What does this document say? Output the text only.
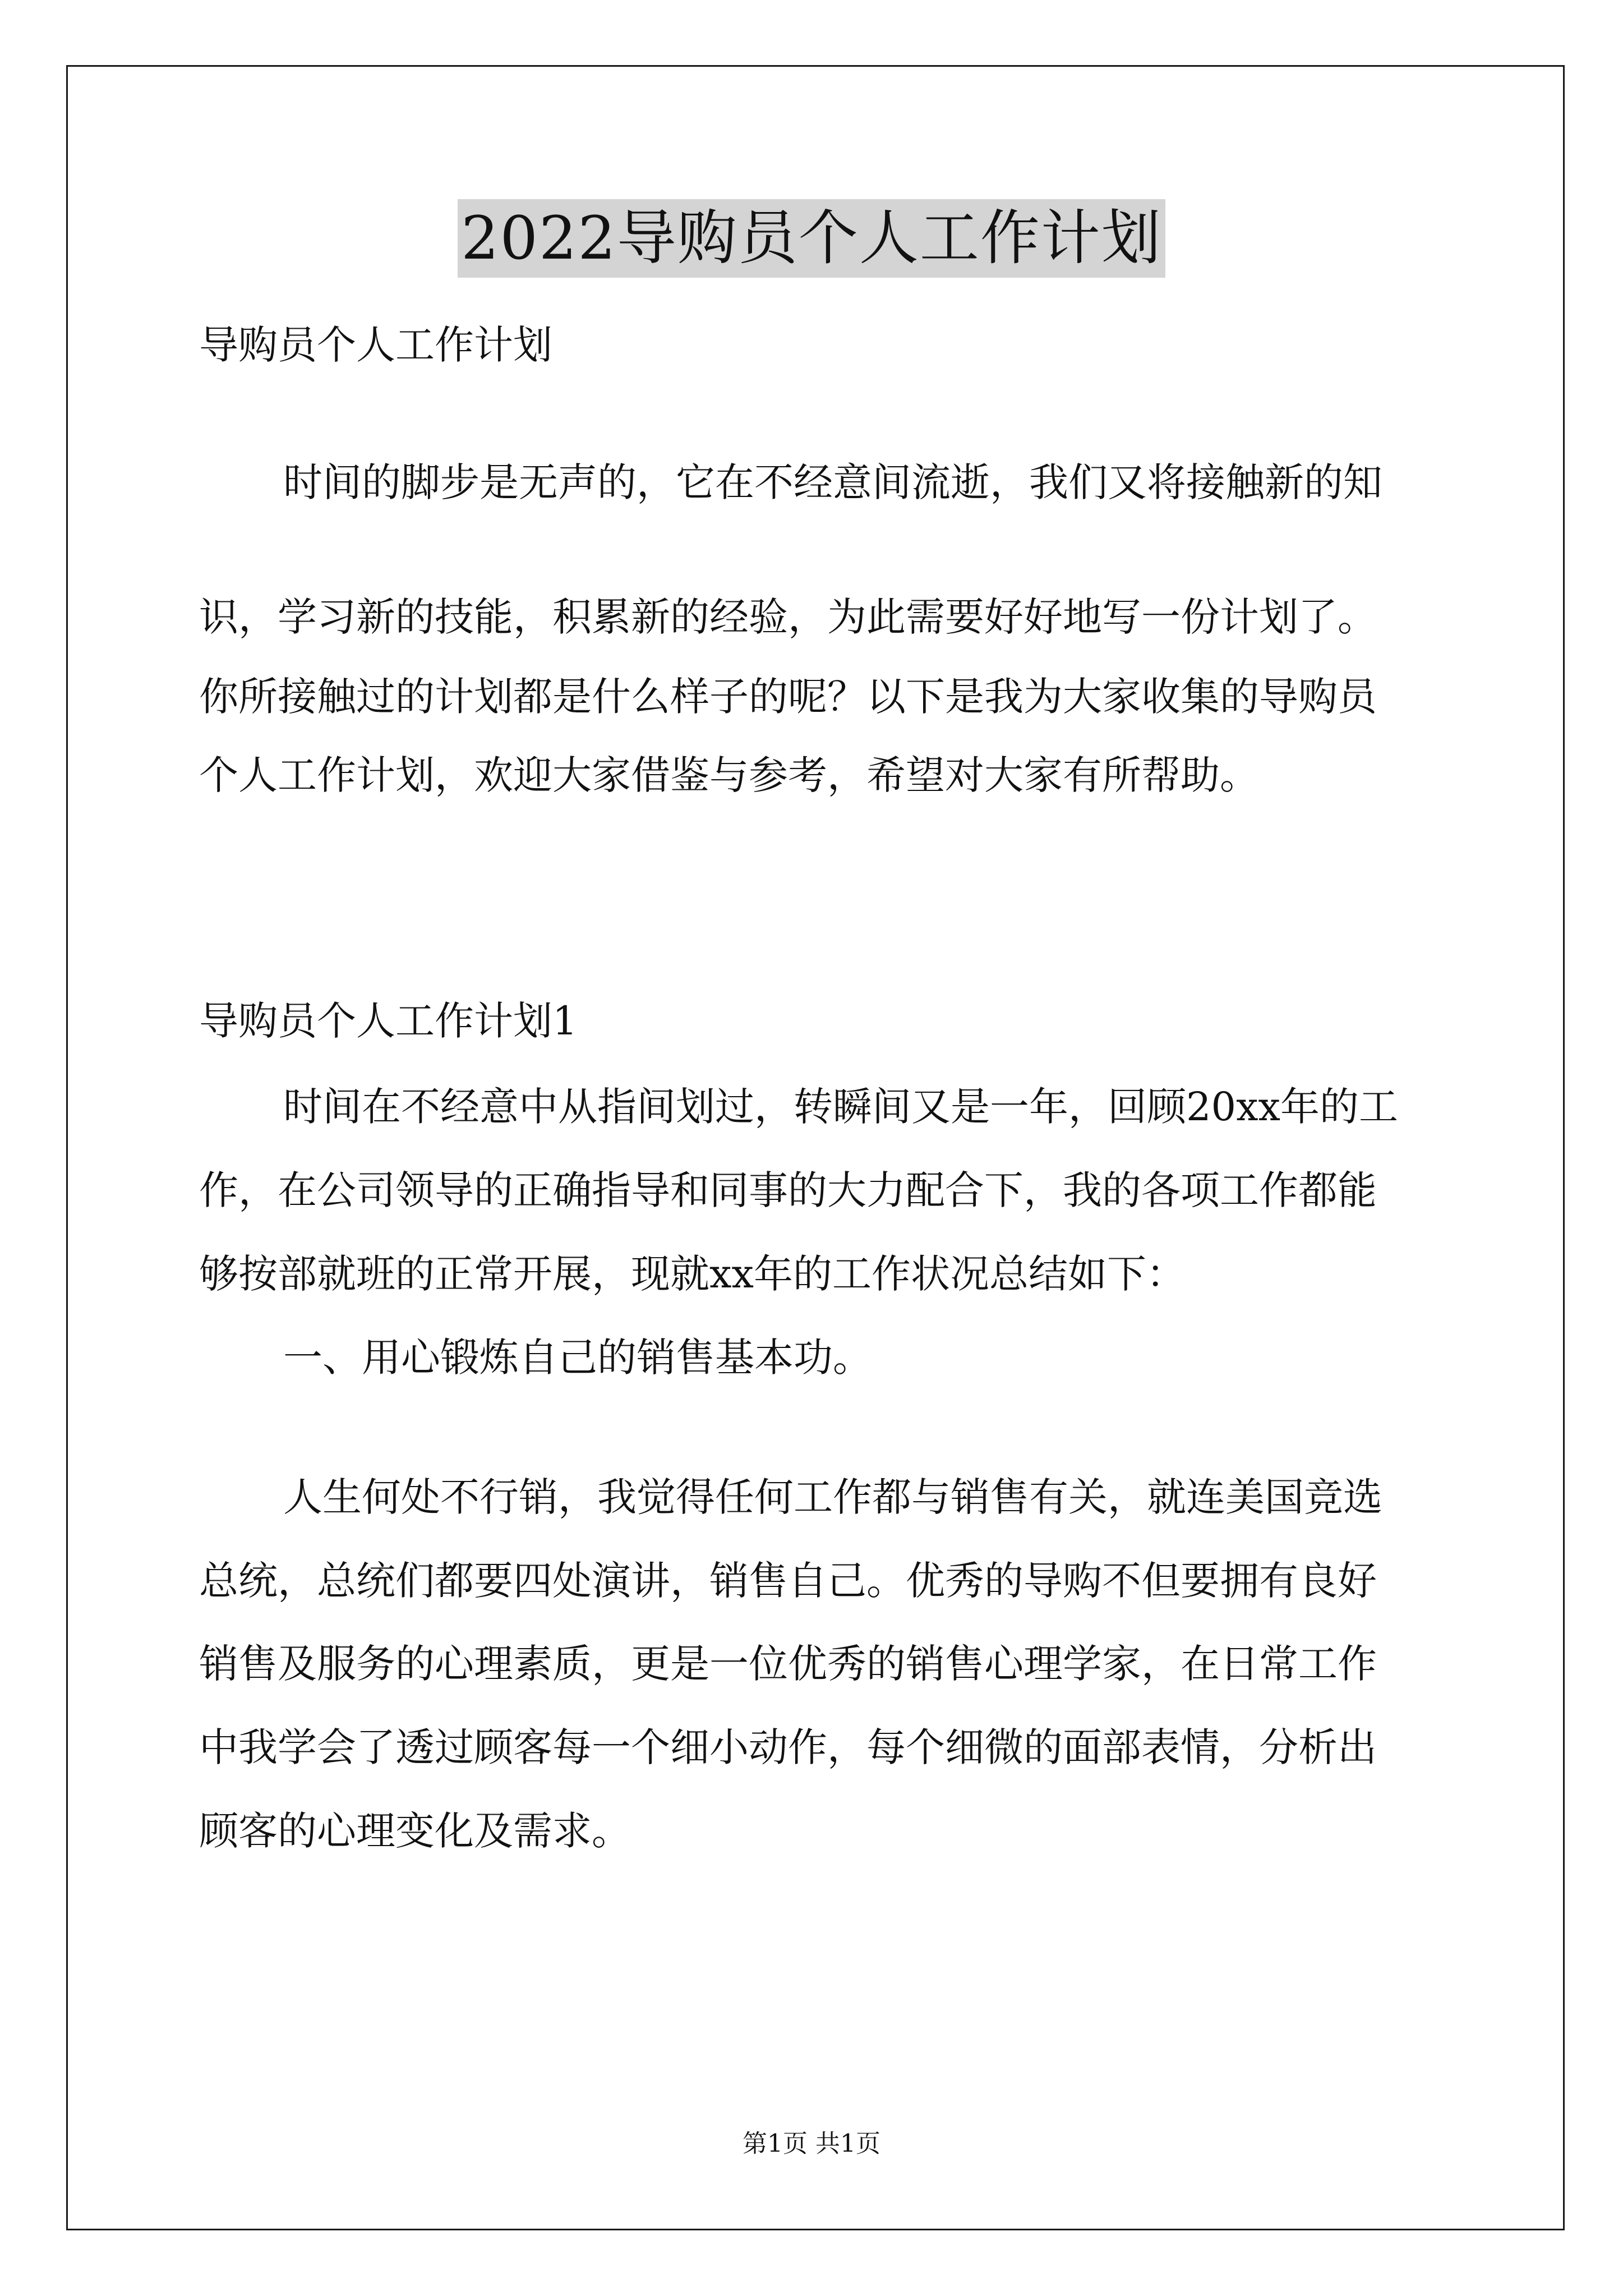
2022导购员个人工作计划
导购员个人工作计划
时间的脚步是无声的，它在不经意间流逝，我们又将接触新的知
识，学习新的技能，积累新的经验，为此需要好好地写一份计划了。
你所接触过的计划都是什么样子的呢？以下是我为大家收集的导购员
个人工作计划，欢迎大家借鉴与参考，希望对大家有所帮助。
导购员个人工作计划1
时间在不经意中从指间划过，转瞬间又是一年，回顾20xx年的工
作，在公司领导的正确指导和同事的大力配合下，我的各项工作都能
够按部就班的正常开展，现就xx年的工作状况总结如下：
一、用心锻炼自己的销售基本功。
人生何处不行销，我觉得任何工作都与销售有关，就连美国竞选
总统，总统们都要四处演讲，销售自己。优秀的导购不但要拥有良好
销售及服务的心理素质，更是一位优秀的销售心理学家，在日常工作
中我学会了透过顾客每一个细小动作，每个细微的面部表情，分析出
顾客的心理变化及需求。
第1页 共1页
